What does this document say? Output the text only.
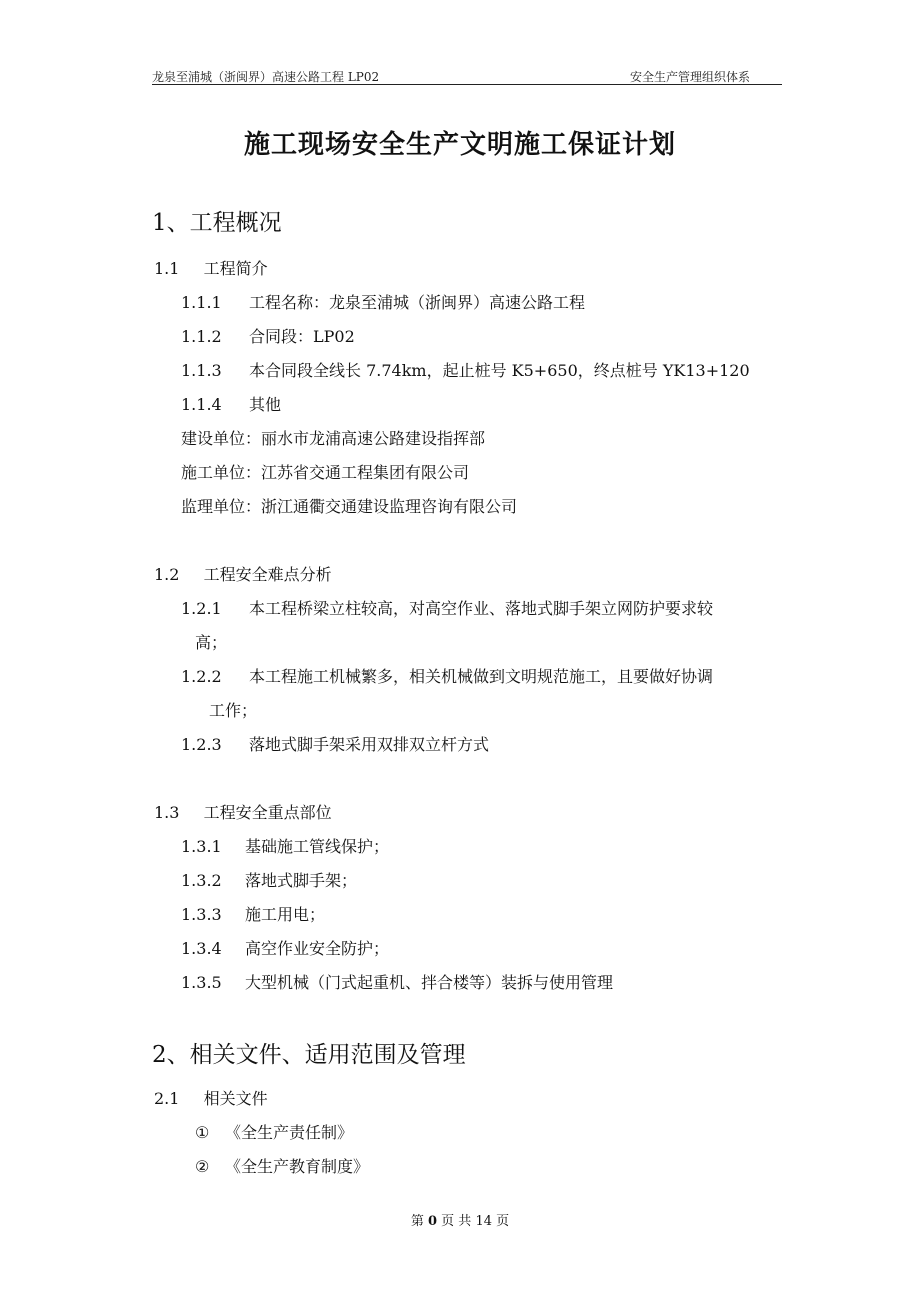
龙泉至浦城（浙闽界）高速公路工程 LP02	安全生产管理组织体系
施工现场安全生产文明施工保证计划
1、工程概况
1.1 工程简介
1.1.1 工程名称：龙泉至浦城（浙闽界）高速公路工程
1.1.2 合同段：LP02
1.1.3 本合同段全线长 7.74km，起止桩号 K5+650，终点桩号 YK13+120
1.1.4 其他
建设单位：丽水市龙浦高速公路建设指挥部
施工单位：江苏省交通工程集团有限公司
监理单位：浙江通衢交通建设监理咨询有限公司
1.2 工程安全难点分析
1.2.1 本工程桥梁立柱较高，对高空作业、落地式脚手架立网防护要求较
高；
1.2.2 本工程施工机械繁多，相关机械做到文明规范施工，且要做好协调
工作；
1.2.3 落地式脚手架采用双排双立杆方式
1.3 工程安全重点部位
1.3.1 基础施工管线保护；
1.3.2 落地式脚手架；
1.3.3 施工用电；
1.3.4 高空作业安全防护；
1.3.5 大型机械（门式起重机、拌合楼等）装拆与使用管理
2、相关文件、适用范围及管理
2.1 相关文件
① 《全生产责任制》
② 《全生产教育制度》
第 0 页 共 14 页
